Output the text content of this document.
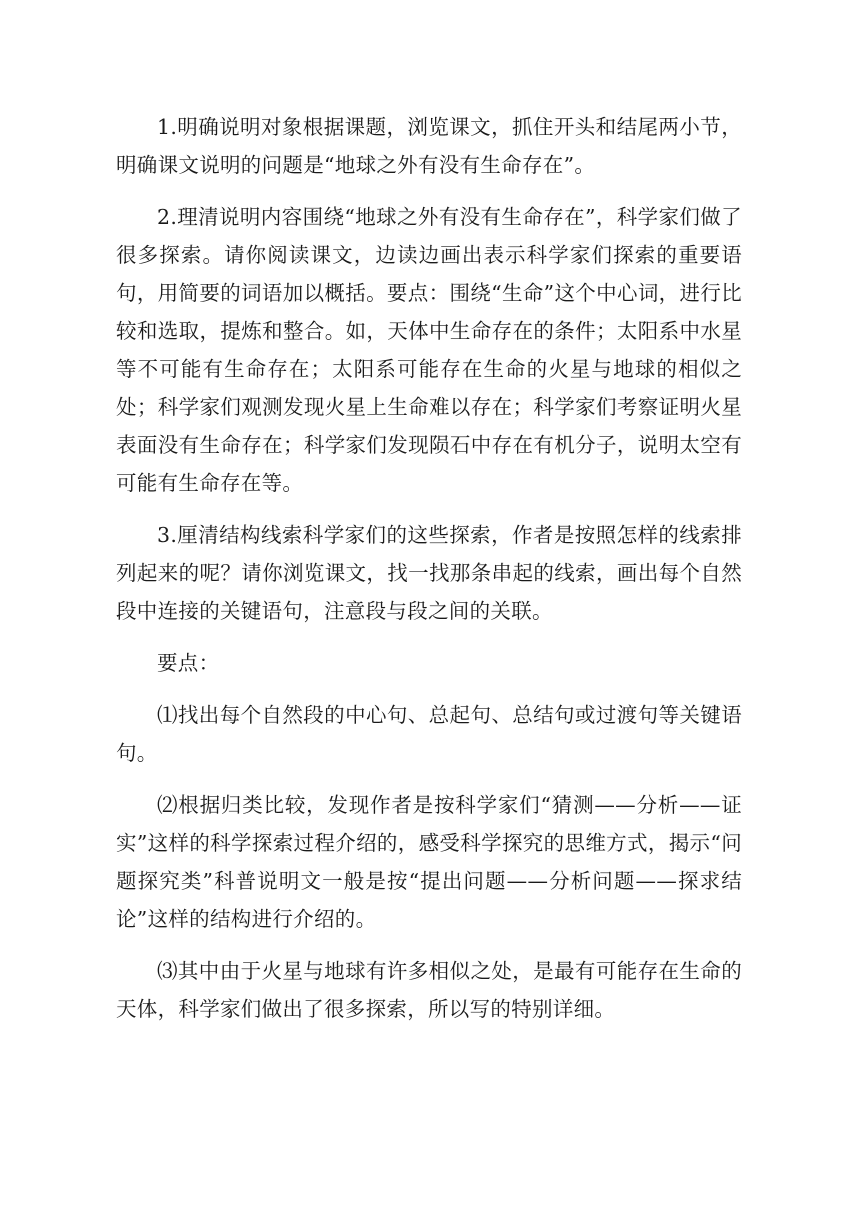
1.明确说明对象根据课题，浏览课文，抓住开头和结尾两小节，明确课文说明的问题是“地球之外有没有生命存在”。

2.理清说明内容围绕“地球之外有没有生命存在”，科学家们做了很多探索。请你阅读课文，边读边画出表示科学家们探索的重要语句，用简要的词语加以概括。要点：围绕“生命”这个中心词，进行比较和选取，提炼和整合。如，天体中生命存在的条件；太阳系中水星等不可能有生命存在；太阳系可能存在生命的火星与地球的相似之处；科学家们观测发现火星上生命难以存在；科学家们考察证明火星表面没有生命存在；科学家们发现陨石中存在有机分子，说明太空有可能有生命存在等。

3.厘清结构线索科学家们的这些探索，作者是按照怎样的线索排列起来的呢？请你浏览课文，找一找那条串起的线索，画出每个自然段中连接的关键语句，注意段与段之间的关联。

要点：

⑴找出每个自然段的中心句、总起句、总结句或过渡句等关键语句。

⑵根据归类比较，发现作者是按科学家们“猜测——分析——证实”这样的科学探索过程介绍的，感受科学探究的思维方式，揭示“问题探究类”科普说明文一般是按“提出问题——分析问题——探求结论”这样的结构进行介绍的。

⑶其中由于火星与地球有许多相似之处，是最有可能存在生命的天体，科学家们做出了很多探索，所以写的特别详细。
